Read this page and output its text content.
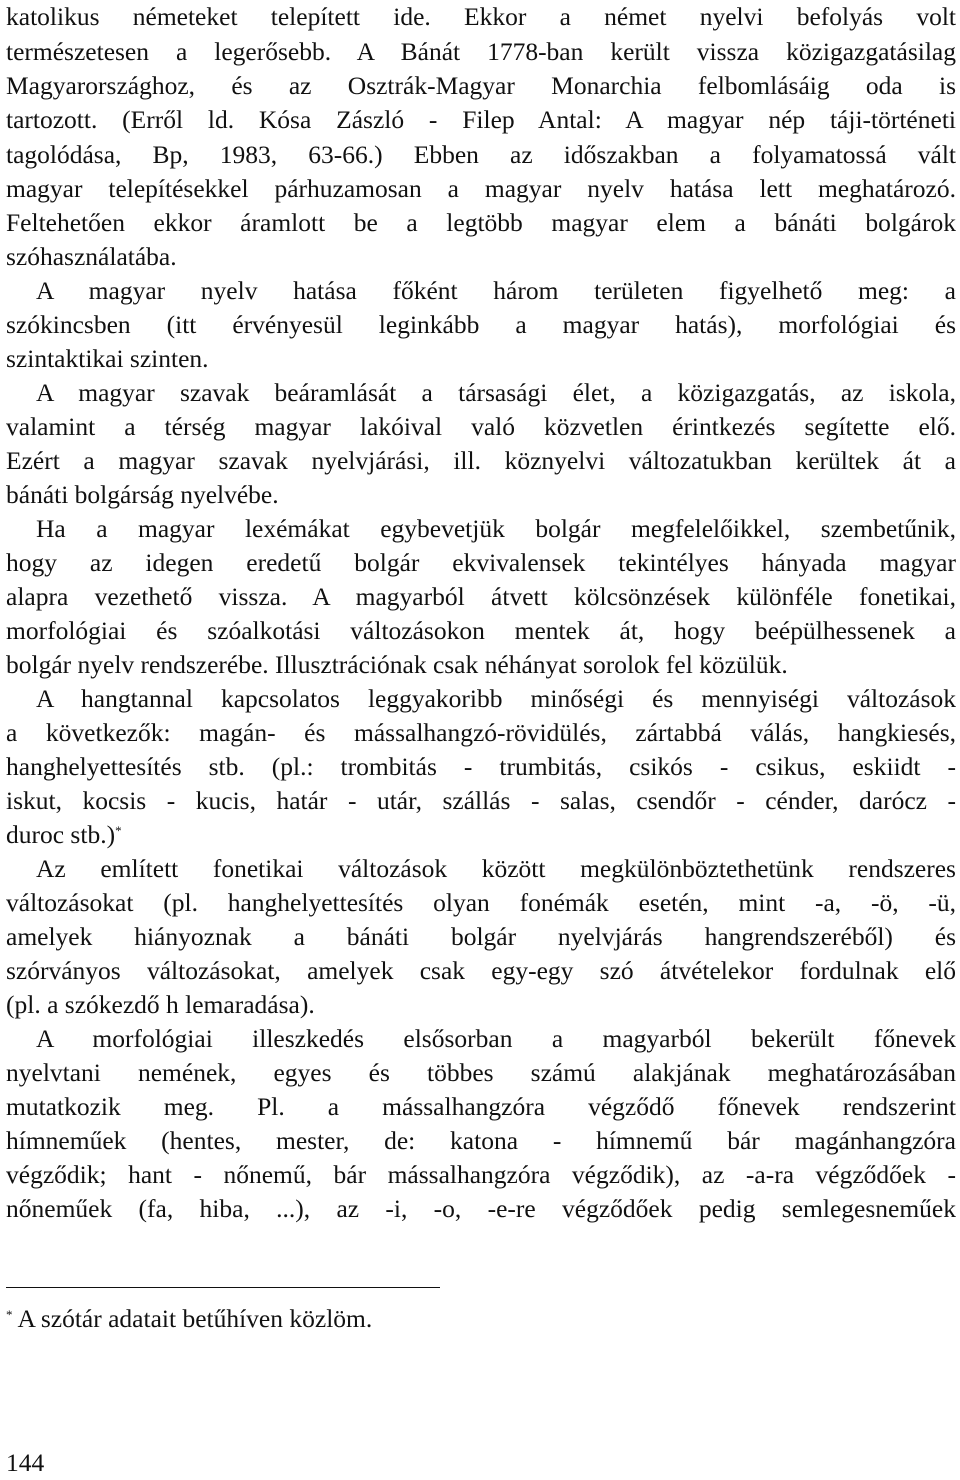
katolikus németeket telepített ide. Ekkor a német nyelvi befolyás volt
természetesen a legerősebb. A Bánát 1778-ban került vissza közigazgatásilag
Magyarországhoz, és az Osztrák-Magyar Monarchia felbomlásáig oda is
tartozott. (Erről ld. Kósa Zászló - Filep Antal: A magyar nép táji-történeti
tagolódása, Bp, 1983, 63-66.) Ebben az időszakban a folyamatossá vált
magyar telepítésekkel párhuzamosan a magyar nyelv hatása lett meghatározó.
Feltehetően ekkor áramlott be a legtöbb magyar elem a bánáti bolgárok
szóhasználatába.
A magyar nyelv hatása főként három területen figyelhető meg: a
szókincsben (itt érvényesül leginkább a magyar hatás), morfológiai és
szintaktikai szinten.
A magyar szavak beáramlását a társasági élet, a közigazgatás, az iskola,
valamint a térség magyar lakóival való közvetlen érintkezés segítette elő.
Ezért a magyar szavak nyelvjárási, ill. köznyelvi változatukban kerültek át a
bánáti bolgárság nyelvébe.
Ha a magyar lexémákat egybevetjük bolgár megfelelőikkel, szembetűnik,
hogy az idegen eredetű bolgár ekvivalensek tekintélyes hányada magyar
alapra vezethető vissza. A magyarból átvett kölcsönzések különféle fonetikai,
morfológiai és szóalkotási változásokon mentek át, hogy beépülhessenek a
bolgár nyelv rendszerébe. Illusztrációnak csak néhányat sorolok fel közülük.
A hangtannal kapcsolatos leggyakoribb minőségi és mennyiségi változások
a következők: magán- és mássalhangzó-rövidülés, zártabbá válás, hangkiesés,
hanghelyettesítés stb. (pl.: trombitás - trumbitás, csikós - csikus, eskiidt -
iskut, kocsis - kucis, határ - utár, szállás - salas, csendőr - cénder, darócz -
duroc stb.)*
Az említett fonetikai változások között megkülönböztethetünk rendszeres
változásokat (pl. hanghelyettesítés olyan fonémák esetén, mint -a, -ö, -ü,
amelyek hiányoznak a bánáti bolgár nyelvjárás hangrendszeréből) és
szórványos változásokat, amelyek csak egy-egy szó átvételekor fordulnak elő
(pl. a szókezdő h lemaradása).
A morfológiai illeszkedés elsősorban a magyarból bekerült főnevek
nyelvtani nemének, egyes és többes számú alakjának meghatározásában
mutatkozik meg. Pl. a mássalhangzóra végződő főnevek rendszerint
hímneműek (hentes, mester, de: katona - hímnemű bár magánhangzóra
végződik; hant - nőnemű, bár mássalhangzóra végződik), az -a-ra végződőek -
nőneműek (fa, hiba, ...), az -i, -o, -e-re végződőek pedig semlegesneműek
* A szótár adatait betűhíven közlöm.
144
